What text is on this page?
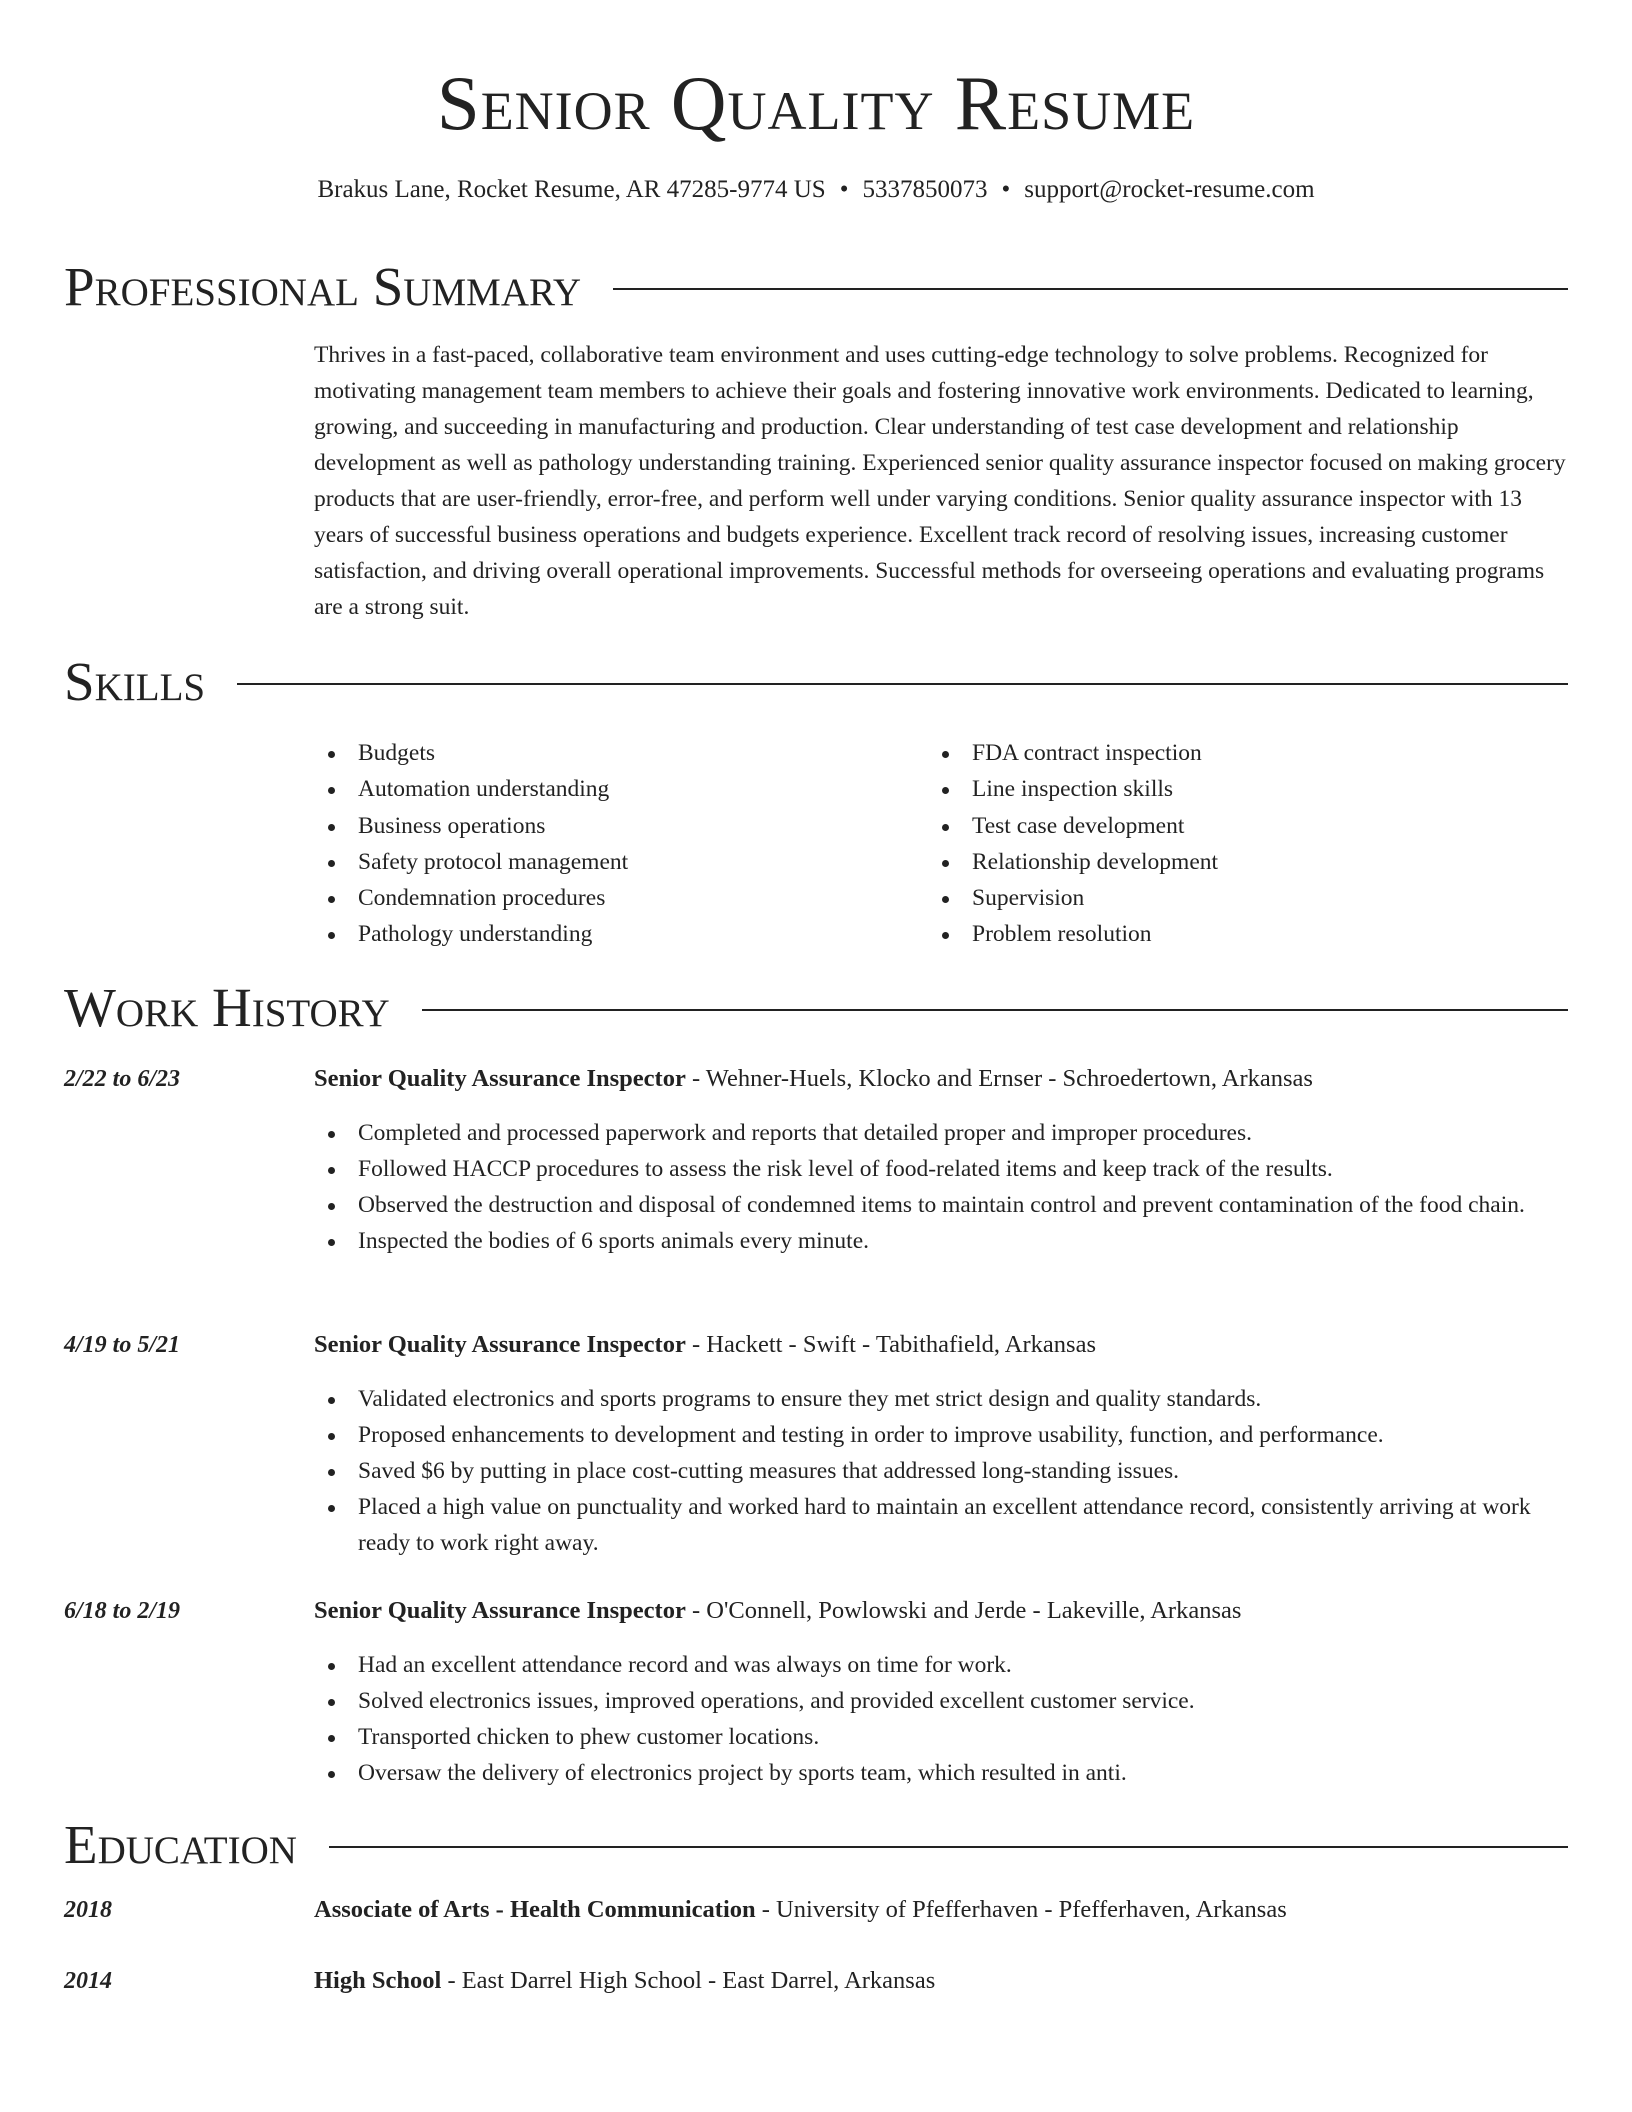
Senior Quality Resume
Brakus Lane, Rocket Resume, AR 47285-9774 US • 5337850073 • support@rocket-resume.com
Professional Summary

Thrives in a fast-paced, collaborative team environment and uses cutting-edge technology to solve problems. Recognized for motivating management team members to achieve their goals and fostering innovative work environments. Dedicated to learning, growing, and succeeding in manufacturing and production. Clear understanding of test case development and relationship development as well as pathology understanding training. Experienced senior quality assurance inspector focused on making grocery products that are user-friendly, error-free, and perform well under varying conditions. Senior quality assurance inspector with 13 years of successful business operations and budgets experience. Excellent track record of resolving issues, increasing customer satisfaction, and driving overall operational improvements. Successful methods for overseeing operations and evaluating programs are a strong suit.

Skills
Budgets
Automation understanding
Business operations
Safety protocol management
Condemnation procedures
Pathology understanding
FDA contract inspection
Line inspection skills
Test case development
Relationship development
Supervision
Problem resolution
Work History
2/22 to 6/23	Senior Quality Assurance Inspector - Wehner-Huels, Klocko and Ernser - Schroedertown, Arkansas
Completed and processed paperwork and reports that detailed proper and improper procedures.
Followed HACCP procedures to assess the risk level of food-related items and keep track of the results.
Observed the destruction and disposal of condemned items to maintain control and prevent contamination of the food chain.
Inspected the bodies of 6 sports animals every minute.
4/19 to 5/21	Senior Quality Assurance Inspector - Hackett - Swift - Tabithafield, Arkansas
Validated electronics and sports programs to ensure they met strict design and quality standards.
Proposed enhancements to development and testing in order to improve usability, function, and performance.
Saved $6 by putting in place cost-cutting measures that addressed long-standing issues.
Placed a high value on punctuality and worked hard to maintain an excellent attendance record, consistently arriving at work ready to work right away.
6/18 to 2/19	Senior Quality Assurance Inspector - O'Connell, Powlowski and Jerde - Lakeville, Arkansas
Had an excellent attendance record and was always on time for work.
Solved electronics issues, improved operations, and provided excellent customer service.
Transported chicken to phew customer locations.
Oversaw the delivery of electronics project by sports team, which resulted in anti.
Education
2018	Associate of Arts - Health Communication - University of Pfefferhaven - Pfefferhaven, Arkansas
2014	High School - East Darrel High School - East Darrel, Arkansas
